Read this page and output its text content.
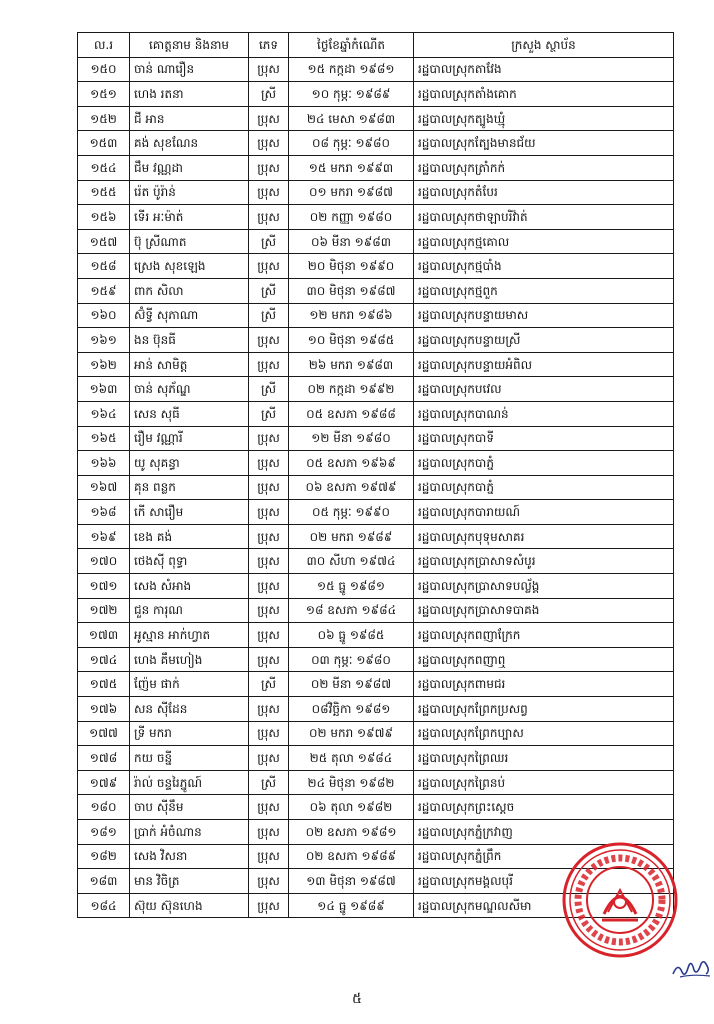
ល.រ	គោត្តនាម និងនាម	ភេទ	ថ្ងៃខែឆ្នាំកំណើត	ក្រសួង ស្ថាប័ន
១៥០	ចាន់ ណារឿន	ប្រុស	១៥ កក្កដា ១៩៨១	រដ្ឋបាលស្រុកតាវែង
១៥១	ហេង រតនា	ស្រី	១០ កុម្ភៈ ១៩៨៩	រដ្ឋបាលស្រុកតាំងគោក
១៥២	ជី អាន	ប្រុស	២៤ មេសា ១៩៨៣	រដ្ឋបាលស្រុកត្បូងឃ្មុំ
១៥៣	គង់ សុខណែន	ប្រុស	០៨ កុម្ភៈ ១៩៨០	រដ្ឋបាលស្រុកត្បែងមានជ័យ
១៥៤	ជឹម វណ្ណដា	ប្រុស	១៥ មករា ១៩៩៣	រដ្ឋបាលស្រុកត្រាំកក់
១៥៥	រ៉េត ប៉ូរ៉ាន់	ប្រុស	០១ មករា ១៩៨៧	រដ្ឋបាលស្រុកតំបែរ
១៥៦	ទើរ អៈម៉ាត់	ប្រុស	០២ កញ្ញា ១៩៨០	រដ្ឋបាលស្រុកថាឡាបរិវ៉ាត់
១៥៧	ប៊ុ ស្រីណាត	ស្រី	០៦ មីនា ១៩៨៣	រដ្ឋបាលស្រុកថ្មគោល
១៥៨	ស្រេង សុខឡេង	ប្រុស	២០ មិថុនា ១៩៩០	រដ្ឋបាលស្រុកថ្មបាំង
១៥៩	ពាក សិលា	ស្រី	៣០ មិថុនា ១៩៨៧	រដ្ឋបាលស្រុកថ្មពួក
១៦០	ស៊ំទ្វី សុភាណា	ស្រី	១២ មករា ១៩៨៦	រដ្ឋបាលស្រុកបន្ទាយមាស
១៦១	ងន ប៊ុនធី	ប្រុស	១០ មិថុនា ១៩៨៥	រដ្ឋបាលស្រុកបន្ទាយស្រី
១៦២	អាន់ សាមិត្ត	ប្រុស	២៦ មករា ១៩៨៣	រដ្ឋបាលស្រុកបន្ទាយអំពិល
១៦៣	ចាន់ សុភ័ណ្ឌ	ស្រី	០២ កក្កដា ១៩៩២	រដ្ឋបាលស្រុកបវេល
១៦៤	សេន សុធី	ស្រី	០៥ ឧសភា ១៩៨៨	រដ្ឋបាលស្រុកបាណន់
១៦៥	រឿម វណ្ណារី	ប្រុស	១២ មីនា ១៩៨០	រដ្ឋបាលស្រុកបាទី
១៦៦	យូ សុគន្ធា	ប្រុស	០៥ ឧសភា ១៩៦៩	រដ្ឋបាលស្រុកបាភ្នំ
១៦៧	គុន ពន្លក	ប្រុស	០៦ ឧសភា ១៩៧៩	រដ្ឋបាលស្រុកបាភ្នំ
១៦៨	កើ សារឿម	ប្រុស	០៥ កុម្ភៈ ១៩៩០	រដ្ឋបាលស្រុកបារាយណ៍
១៦៩	ខេង គង់	ប្រុស	០២ មករា ១៩៨៩	រដ្ឋបាលស្រុកបុទុមសាគរ
១៧០	ថេងស៊ី ពុទ្ធា	ប្រុស	៣០ សីហា ១៩៧៤	រដ្ឋបាលស្រុកប្រាសាទសំបូរ
១៧១	សេង សំអាង	ប្រុស	១៥ ធ្នូ ១៩៨១	រដ្ឋបាលស្រុកប្រាសាទបល្ល័ង្គ
១៧២	ជួន ការុណ	ប្រុស	១៨ ឧសភា ១៩៨៤	រដ្ឋបាលស្រុកប្រាសាទបាគង
១៧៣	អូស្មាន អាក់ហ្វាត	ប្រុស	០៦ ធ្នូ ១៩៨៥	រដ្ឋបាលស្រុកពញាក្រែក
១៧៤	ហេង គឹមហៀង	ប្រុស	០៣ កុម្ភៈ ១៩៨០	រដ្ឋបាលស្រុកពញាឮ
១៧៥	ញ៉ែម ផាក់	ស្រី	០២ មីនា ១៩៨៧	រដ្ឋបាលស្រុកពាមជរ
១៧៦	សន ស៊ីដែន	ប្រុស	០៨វិច្ឆិកា ១៩៨១	រដ្ឋបាលស្រុកព្រែកប្រសព្វ
១៧៧	ទ្រី មករា	ប្រុស	០២ មករា ១៩៧៩	រដ្ឋបាលស្រុកព្រែកប្បាស
១៧៨	កយ ចន្នី	ប្រុស	២៥ តុលា ១៩៨៤	រដ្ឋបាលស្រុកព្រៃឈរ
១៧៩	រ៉ាល់ ចន្ទរៃភ្នូណ៍	ស្រី	២៤ មិថុនា ១៩៨២	រដ្ឋបាលស្រុកព្រៃនប់
១៨០	ចាប ស៊ីនឹម	ប្រុស	០៦ តុលា ១៩៨២	រដ្ឋបាលស្រុកព្រះស្ដេច
១៨១	ប្រាក់ អំចំណាន	ប្រុស	០២ ឧសភា ១៩៨១	រដ្ឋបាលស្រុកភ្នំក្រវាញ
១៨២	សេង វិសនា	ប្រុស	០២ ឧសភា ១៩៨៩	រដ្ឋបាលស្រុកភ្នំព្រឹក
១៨៣	មាន វិចិត្រ	ប្រុស	១៣ មិថុនា ១៩៨៧	រដ្ឋបាលស្រុកមង្គលបុរី
១៨៤	ស៊ុយ ស៊ុនហេង	ប្រុស	១៤ ធ្នូ ១៩៨៩	រដ្ឋបាលស្រុកមណ្ឌលសីមា
៥
